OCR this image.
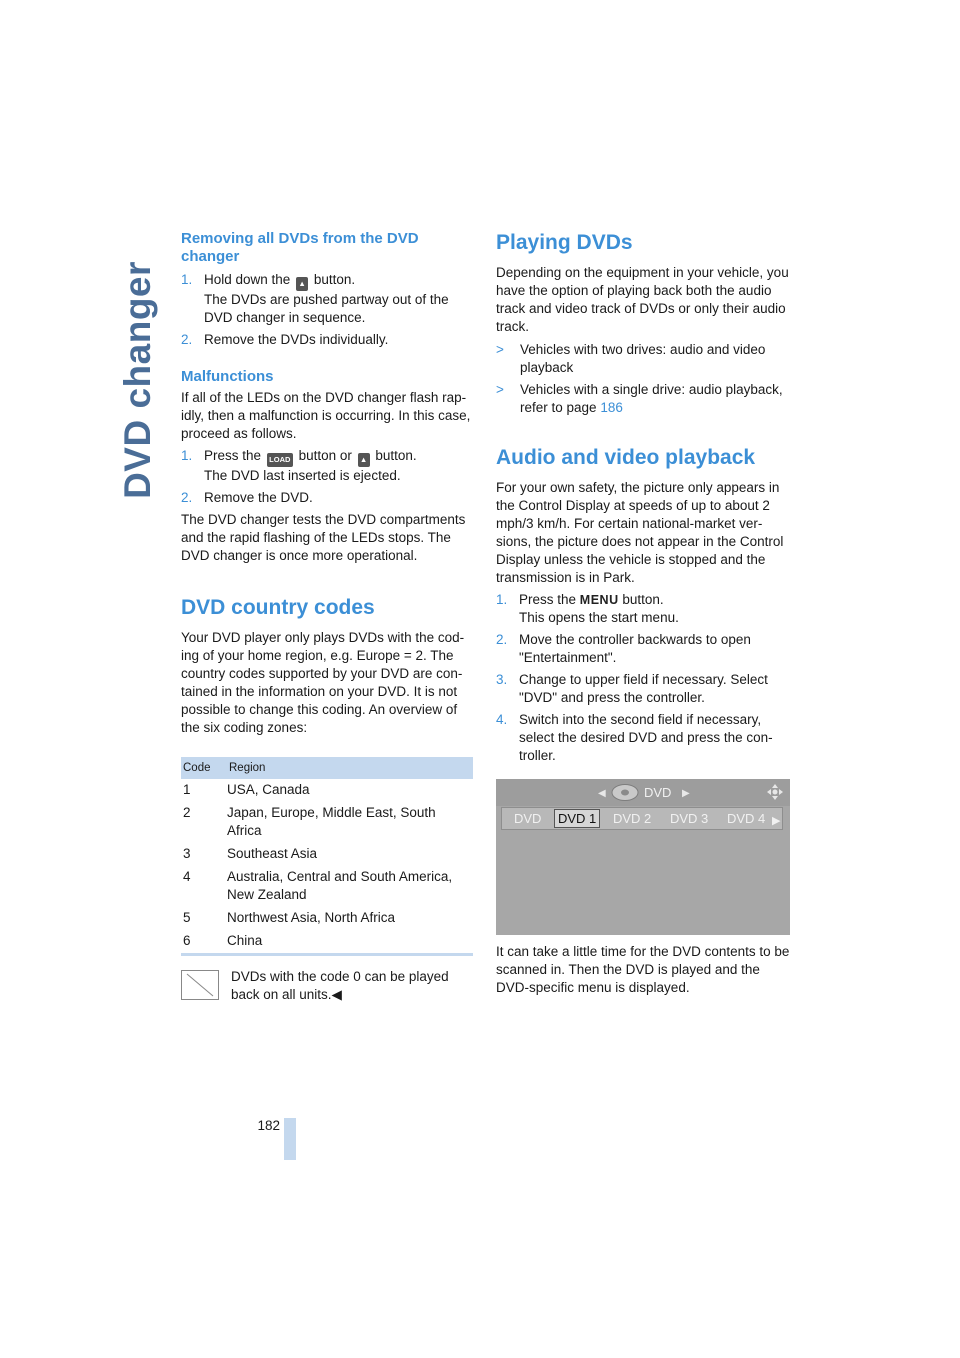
DVD changer
182
Removing all DVDs from the DVD changer
1. Hold down the ▲ button.
The DVDs are pushed partway out of the DVD changer in sequence.
2. Remove the DVDs individually.
Malfunctions

If all of the LEDs on the DVD changer flash rap-idly, then a malfunction is occurring. In this case, proceed as follows.

1. Press the LOAD button or ▲ button.
The DVD last inserted is ejected.
2. Remove the DVD.

The DVD changer tests the DVD compartments and the rapid flashing of the LEDs stops. The DVD changer is once more operational.

DVD country codes

Your DVD player only plays DVDs with the cod-ing of your home region, e.g. Europe = 2. The country codes supported by your DVD are con-tained in the information on your DVD. It is not possible to change this coding. An overview of the six coding zones:

Code	Region
1	USA, Canada
2	Japan, Europe, Middle East, South Africa
3	Southeast Asia
4	Australia, Central and South America, New Zealand
5	Northwest Asia, North Africa
6	China
DVDs with the code 0 can be played back on all units.◀
Playing DVDs

Depending on the equipment in your vehicle, you have the option of playing back both the audio track and video track of DVDs or only their audio track.

> Vehicles with two drives: audio and video playback
> Vehicles with a single drive: audio playback, refer to page 186
Audio and video playback

For your own safety, the picture only appears in the Control Display at speeds of up to about 2 mph/3 km/h. For certain national-market ver-sions, the picture does not appear in the Control Display unless the vehicle is stopped and the transmission is in Park.

1. Press the MENU button.
This opens the start menu.
2. Move the controller backwards to open "Entertainment".
3. Change to upper field if necessary. Select "DVD" and press the controller.
4. Switch into the second field if necessary, select the desired DVD and press the con-troller.
◀	DVD ▶
DVD	DVD 1	DVD 2 DVD 3 DVD 4 ▶

It can take a little time for the DVD contents to be scanned in. Then the DVD is played and the DVD-specific menu is displayed.
